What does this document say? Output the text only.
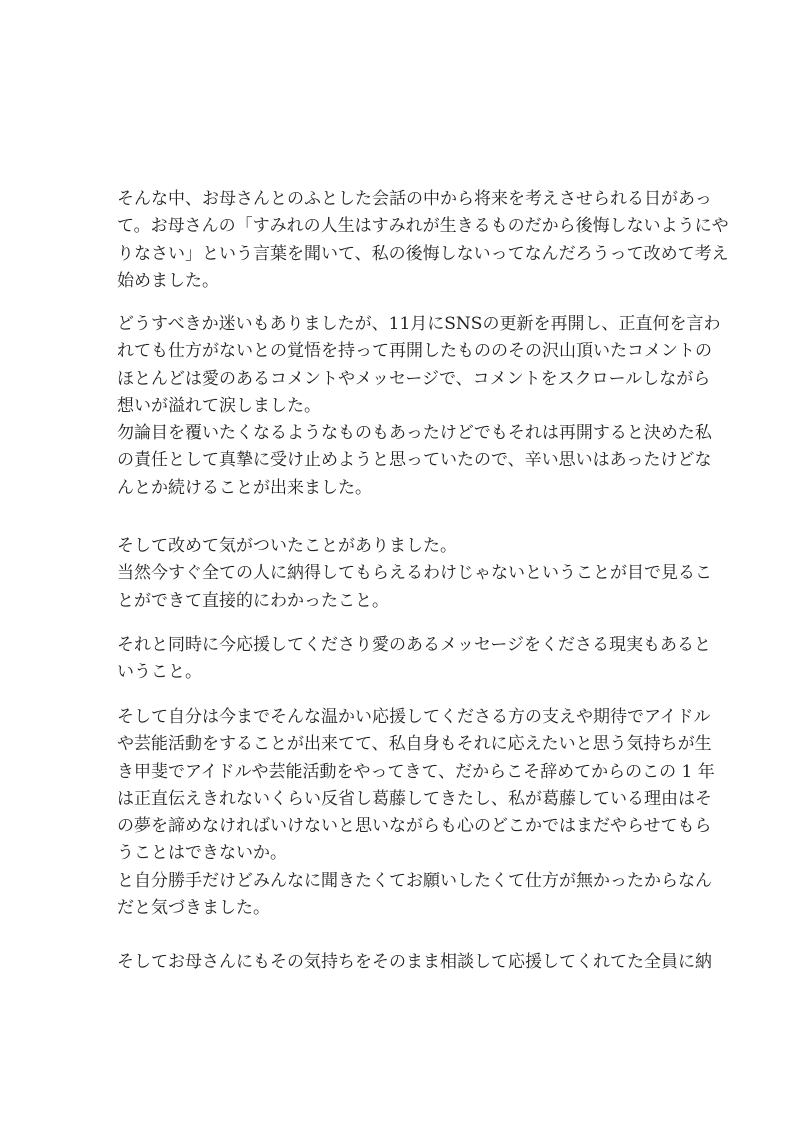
そんな中、お母さんとのふとした会話の中から将来を考えさせられる日があっ
て。お母さんの「すみれの人生はすみれが生きるものだから後悔しないようにや
りなさい」という言葉を聞いて、私の後悔しないってなんだろうって改めて考え
始めました。
どうすべきか迷いもありましたが、11月にSNSの更新を再開し、正直何を言わ
れても仕方がないとの覚悟を持って再開したもののその沢山頂いたコメントの
ほとんどは愛のあるコメントやメッセージで、コメントをスクロールしながら
想いが溢れて涙しました。
勿論目を覆いたくなるようなものもあったけどでもそれは再開すると決めた私
の責任として真摯に受け止めようと思っていたので、辛い思いはあったけどな
んとか続けることが出来ました。
そして改めて気がついたことがありました。
当然今すぐ全ての人に納得してもらえるわけじゃないということが目で見るこ
とができて直接的にわかったこと。
それと同時に今応援してくださり愛のあるメッセージをくださる現実もあると
いうこと。
そして自分は今までそんな温かい応援してくださる方の支えや期待でアイドル
や芸能活動をすることが出来てて、私自身もそれに応えたいと思う気持ちが生
き甲斐でアイドルや芸能活動をやってきて、だからこそ辞めてからのこの 1 年
は正直伝えきれないくらい反省し葛藤してきたし、私が葛藤している理由はそ
の夢を諦めなければいけないと思いながらも心のどこかではまだやらせてもら
うことはできないか。
と自分勝手だけどみんなに聞きたくてお願いしたくて仕方が無かったからなん
だと気づきました。
そしてお母さんにもその気持ちをそのまま相談して応援してくれてた全員に納
